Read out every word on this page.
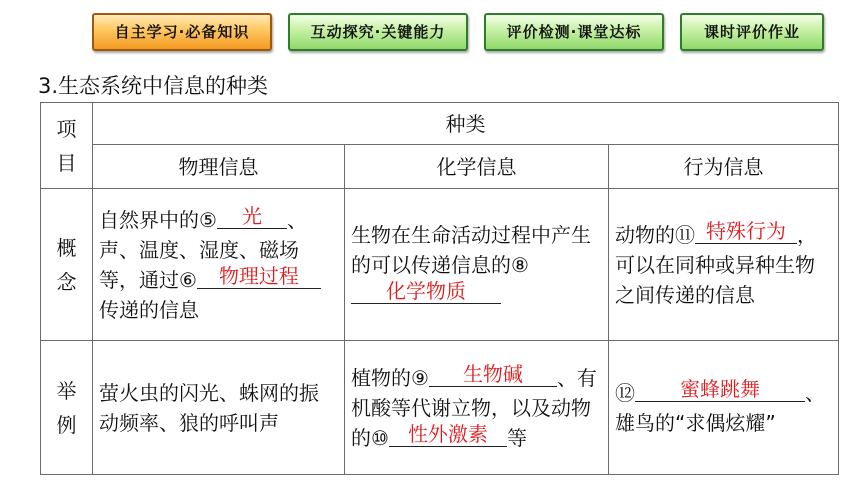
自主学习·必备知识	互动探究·关键能力	评价检测·课堂达标	课时评价作业
3.生态系统中信息的种类
项目	种类		
	物理信息	化学信息	行为信息
概念	自然界中的⑤ 光 、声、温度、湿度、磁场等，通过⑥ 物理过程传递的信息	生物在生命活动过程中产生的可以传递信息的⑧化学物质	动物的⑪ 特殊行为 ，可以在同种或异种生物之间传递的信息
举例	萤火虫的闪光、蛛网的振动频率、狼的呼叫声	植物的⑨ 生物碱 、有机酸等代谢立物，以及动物的⑩ 性外激素 等	⑫ 蜜蜂跳舞 、雄鸟的“求偶炫耀”
